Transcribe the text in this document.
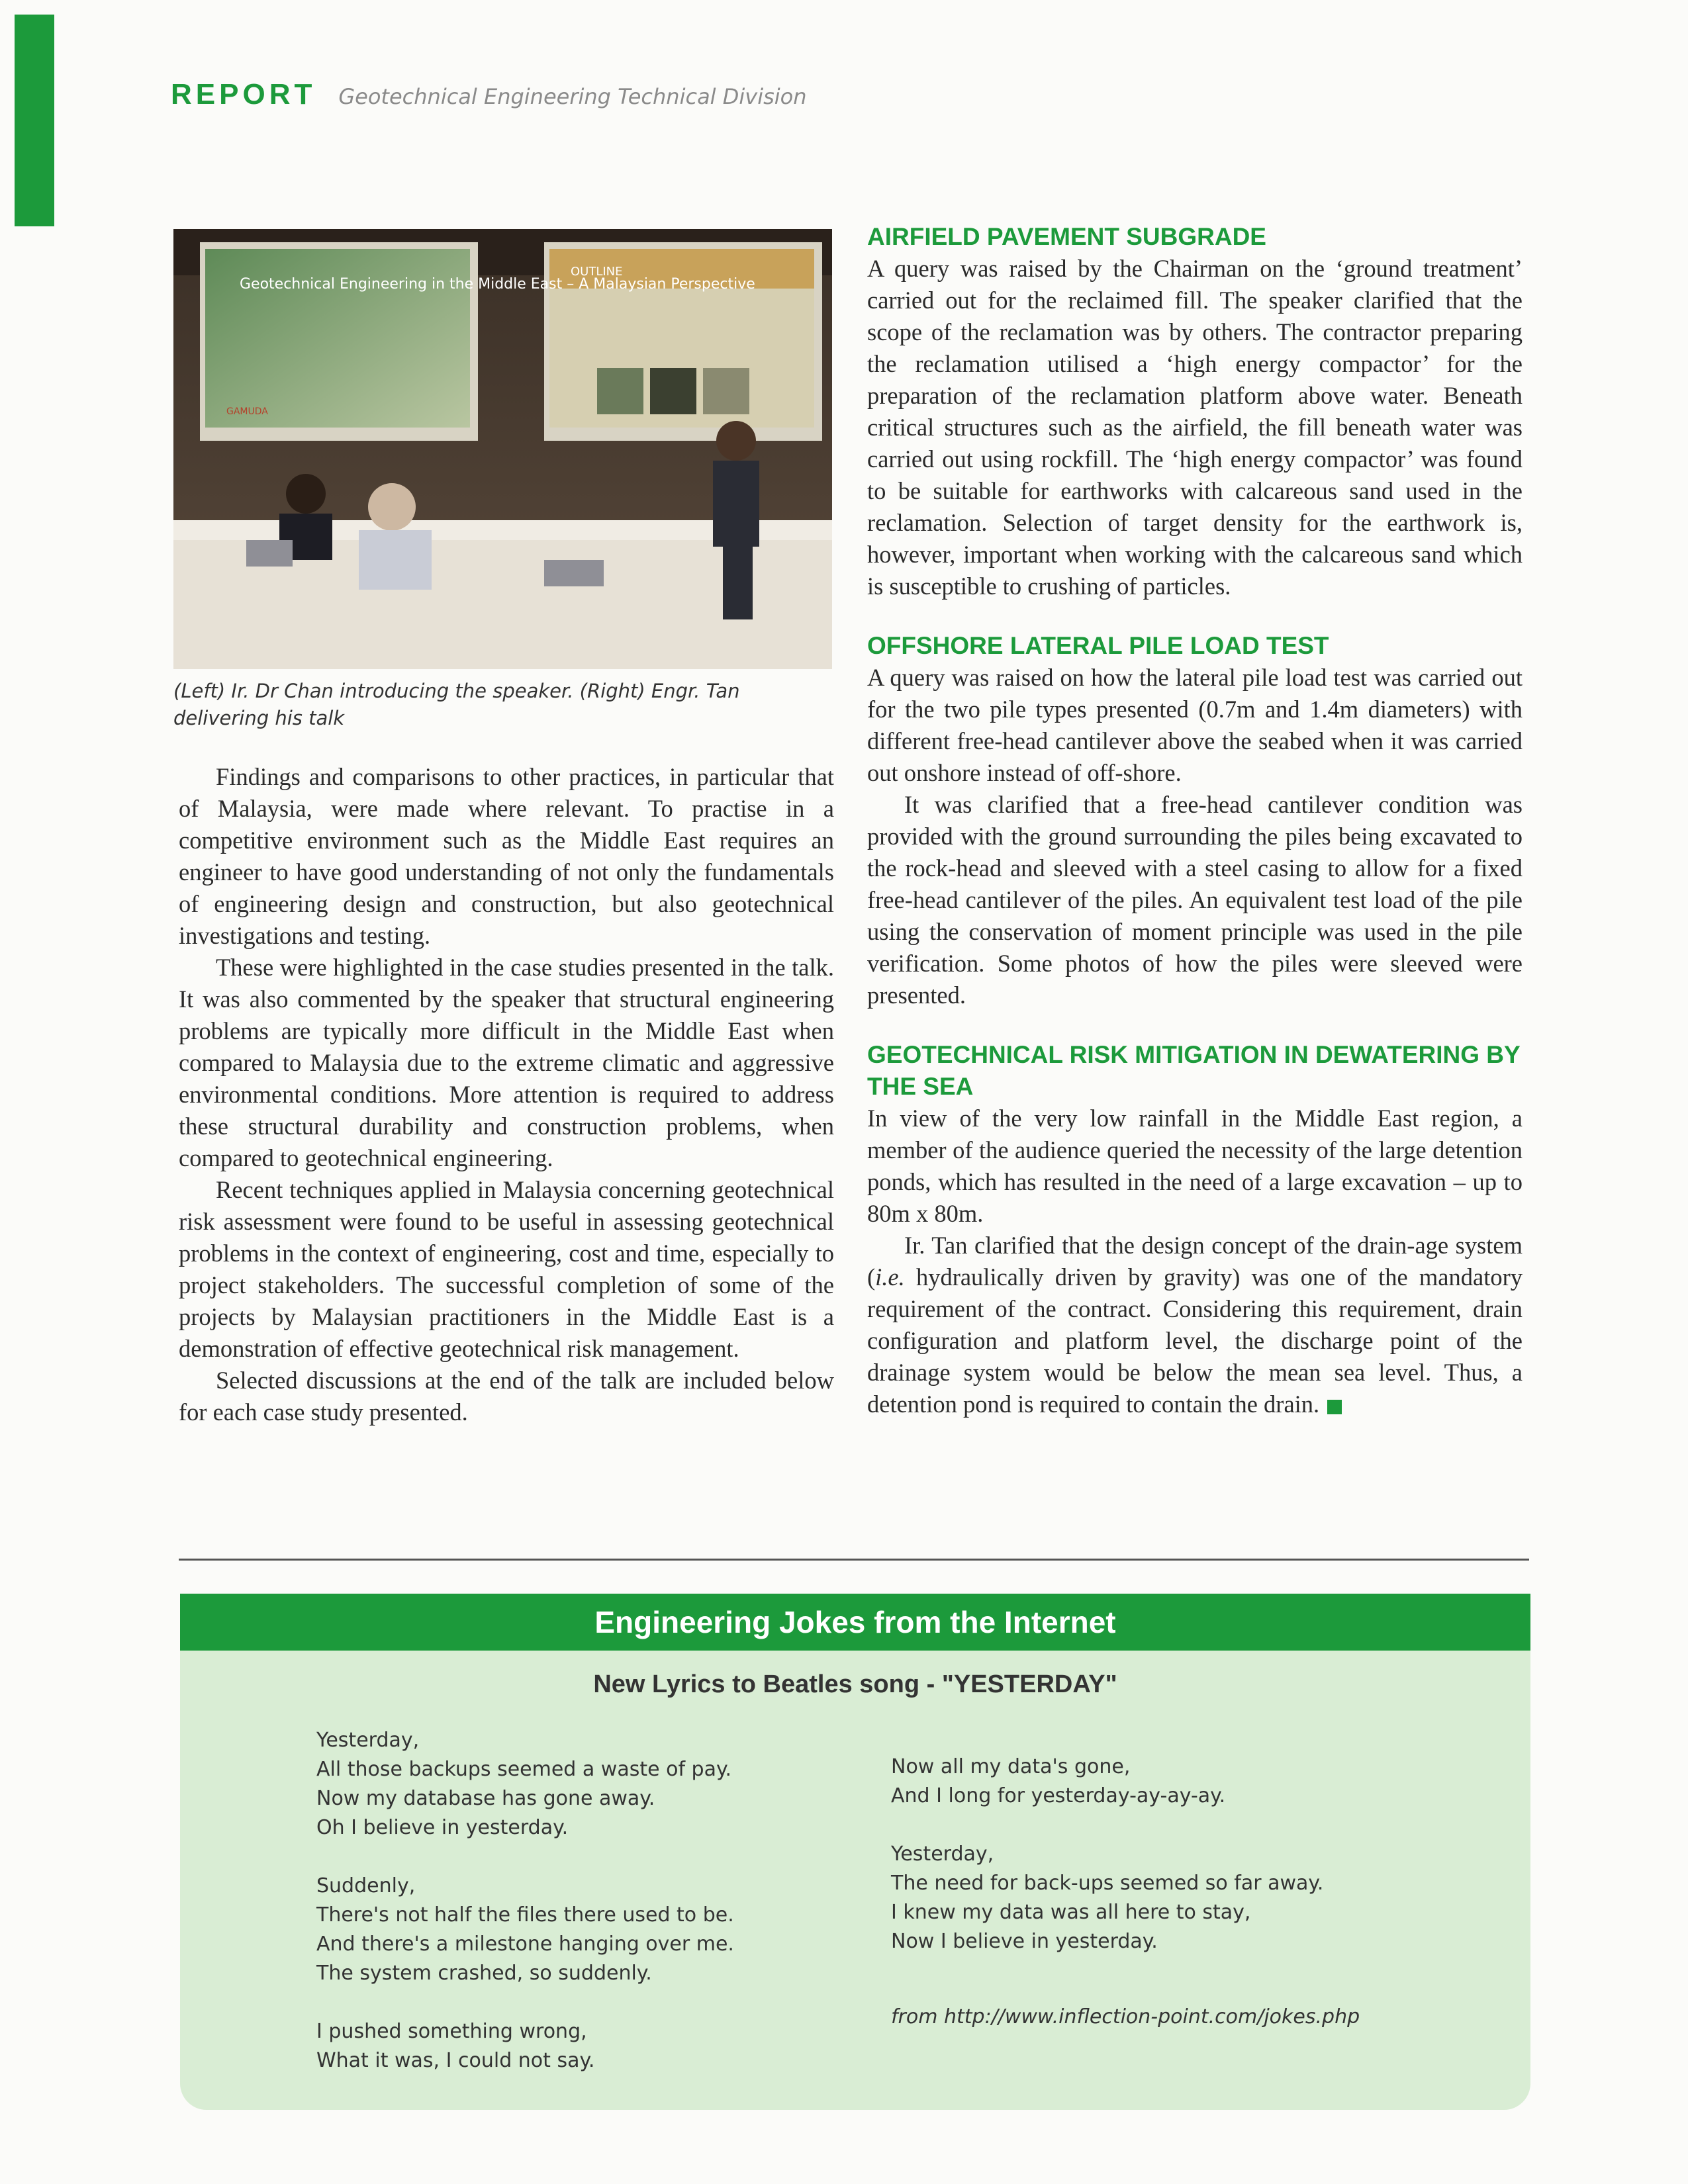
REPORT Geotechnical Engineering Technical Division
Geotechnical Engineering in the Middle East – A Malaysian Perspective
GAMUDA
OUTLINE
(Left) Ir. Dr Chan introducing the speaker. (Right) Engr. Tan delivering his talk

Findings and comparisons to other practices, in particular that of Malaysia, were made where relevant. To practise in a competitive environment such as the Middle East requires an engineer to have good understanding of not only the fundamentals of engineering design and construction, but also geotechnical investigations and testing.

These were highlighted in the case studies presented in the talk. It was also commented by the speaker that structural engineering problems are typically more difficult in the Middle East when compared to Malaysia due to the extreme climatic and aggressive environmental conditions. More attention is required to address these structural durability and construction problems, when compared to geotechnical engineering.

Recent techniques applied in Malaysia concerning geotechnical risk assessment were found to be useful in assessing geotechnical problems in the context of engineering, cost and time, especially to project stakeholders. The successful completion of some of the projects by Malaysian practitioners in the Middle East is a demonstration of effective geotechnical risk management.

Selected discussions at the end of the talk are included below for each case study presented.

AIRFIELD PAVEMENT SUBGRADE

A query was raised by the Chairman on the ‘ground treatment’ carried out for the reclaimed fill. The speaker clarified that the scope of the reclamation was by others. The contractor preparing the reclamation utilised a ‘high energy compactor’ for the preparation of the reclamation platform above water. Beneath critical structures such as the airfield, the fill beneath water was carried out using rockfill. The ‘high energy compactor’ was found to be suitable for earthworks with calcareous sand used in the reclamation. Selection of target density for the earthwork is, however, important when working with the calcareous sand which is susceptible to crushing of particles.

OFFSHORE LATERAL PILE LOAD TEST

A query was raised on how the lateral pile load test was carried out for the two pile types presented (0.7m and 1.4m diameters) with different free-head cantilever above the seabed when it was carried out onshore instead of off-shore.

It was clarified that a free-head cantilever condition was provided with the ground surrounding the piles being excavated to the rock-head and sleeved with a steel casing to allow for a fixed free-head cantilever of the piles. An equivalent test load of the pile using the conservation of moment principle was used in the pile verification. Some photos of how the piles were sleeved were presented.

GEOTECHNICAL RISK MITIGATION IN DEWATERING BY THE SEA

In view of the very low rainfall in the Middle East region, a member of the audience queried the necessity of the large detention ponds, which has resulted in the need of a large excavation – up to 80m x 80m.

Ir. Tan clarified that the design concept of the drain-age system (i.e. hydraulically driven by gravity) was one of the mandatory requirement of the contract. Considering this requirement, drain configuration and platform level, the discharge point of the drainage system would be below the mean sea level. Thus, a detention pond is required to contain the drain.

Engineering Jokes from the Internet
New Lyrics to Beatles song - "YESTERDAY"
Yesterday,
All those backups seemed a waste of pay.
Now my database has gone away.
Oh I believe in yesterday.
Suddenly,
There's not half the files there used to be.
And there's a milestone hanging over me.
The system crashed, so suddenly.
I pushed something wrong,
What it was, I could not say.
Now all my data's gone,
And I long for yesterday-ay-ay-ay.
Yesterday,
The need for back-ups seemed so far away.
I knew my data was all here to stay,
Now I believe in yesterday.
from http://www.inflection-point.com/jokes.php
